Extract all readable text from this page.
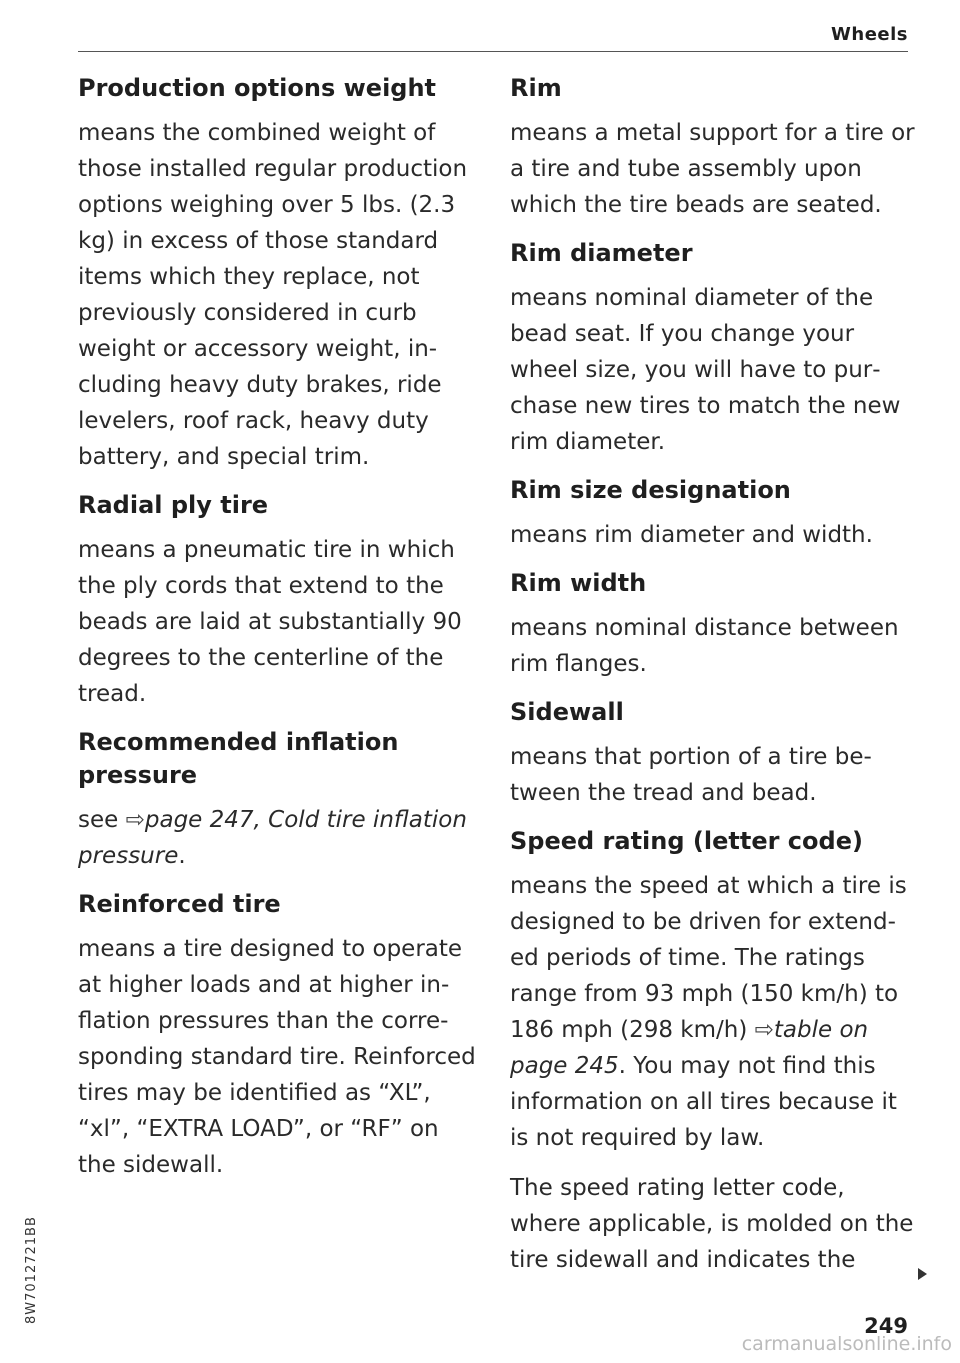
Wheels
Production options weight

means the combined weight of those installed regular production options weighing over 5 lbs. (2.3 kg) in excess of those standard items which they replace, not previously considered in curb weight or accessory weight, including heavy duty brakes, ride levelers, roof rack, heavy duty battery, and special trim.

Radial ply tire

means a pneumatic tire in which the ply cords that extend to the beads are laid at substantially 90 degrees to the centerline of the tread.

Recommended inflation pressure

see ⇨page 247, Cold tire inflation pressure.

Reinforced tire

means a tire designed to operate at higher loads and at higher inflation pressures than the corresponding standard tire. Reinforced tires may be identified as “XL”, “xl”, “EXTRA LOAD”, or “RF” on the sidewall.

Rim

means a metal support for a tire or a tire and tube assembly upon which the tire beads are seated.

Rim diameter

means nominal diameter of the bead seat. If you change your wheel size, you will have to purchase new tires to match the new rim diameter.

Rim size designation

means rim diameter and width.

Rim width

means nominal distance between rim flanges.

Sidewall

means that portion of a tire between the tread and bead.

Speed rating (letter code)

means the speed at which a tire is designed to be driven for extended periods of time. The ratings range from 93 mph (150 km/h) to 186 mph (298 km/h) ⇨table on page 245. You may not find this information on all tires because it is not required by law.

The speed rating letter code, where applicable, is molded on the tire sidewall and indicates the

249
8W7012721BB
carmanualsonline.info
